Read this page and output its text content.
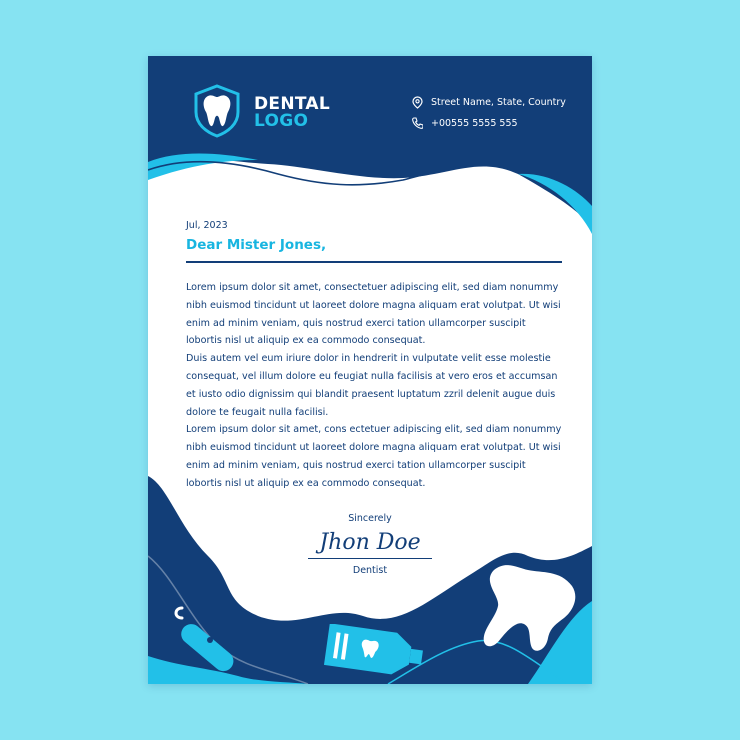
DENTAL
LOGO
Street Name, State, Country
+00555 5555 555
Jul, 2023
Dear Mister Jones,

Lorem ipsum dolor sit amet, consectetuer adipiscing elit, sed diam nonummy nibh euismod tincidunt ut laoreet dolore magna aliquam erat volutpat. Ut wisi enim ad minim veniam, quis nostrud exerci tation ullamcorper suscipit lobortis nisl ut aliquip ex ea commodo consequat.

Duis autem vel eum iriure dolor in hendrerit in vulputate velit esse molestie consequat, vel illum dolore eu feugiat nulla facilisis at vero eros et accumsan et iusto odio dignissim qui blandit praesent luptatum zzril delenit augue duis dolore te feugait nulla facilisi.

Lorem ipsum dolor sit amet, cons ectetuer adipiscing elit, sed diam nonummy nibh euismod tincidunt ut laoreet dolore magna aliquam erat volutpat. Ut wisi enim ad minim veniam, quis nostrud exerci tation ullamcorper suscipit lobortis nisl ut aliquip ex ea commodo consequat.

Sincerely
Jhon Doe
Dentist
